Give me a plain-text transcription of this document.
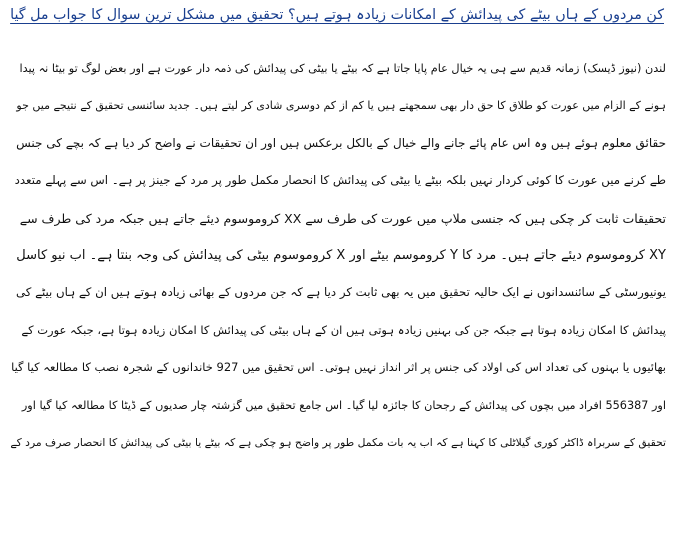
کن مردوں کے ہاں بیٹے کی پیدائش کے امکانات زیادہ ہوتے ہیں؟ تحقیق میں مشکل ترین سوال کا جواب مل گیا
لندن (نیوز ڈیسک) زمانہ قدیم سے ہی یہ خیال عام پایا جاتا ہے کہ بیٹے یا بیٹی کی پیدائش کی ذمہ دار عورت ہے اور بعض لوگ تو بیٹا نہ پیدا
ہونے کے الزام میں عورت کو طلاق کا حق دار بھی سمجھتے ہیں یا کم از کم دوسری شادی کر لیتے ہیں۔ جدید سائنسی تحقیق کے نتیجے میں جو
حقائق معلوم ہوئے ہیں وہ اس عام پائے جانے والے خیال کے بالکل برعکس ہیں اور ان تحقیقات نے واضح کر دیا ہے کہ بچے کی جنس
طے کرنے میں عورت کا کوئی کردار نہیں بلکہ بیٹے یا بیٹی کی پیدائش کا انحصار مکمل طور پر مرد کے جینز پر ہے۔ اس سے پہلے متعدد
تحقیقات ثابت کر چکی ہیں کہ جنسی ملاپ میں عورت کی طرف سے XX کروموسوم دیئے جاتے ہیں جبکہ مرد کی طرف سے
XY کروموسوم دیئے جاتے ہیں۔ مرد کا Y کروموسم بیٹے اور X کروموسوم بیٹی کی پیدائش کی وجہ بنتا ہے۔ اب نیو کاسل
یونیورسٹی کے سائنسدانوں نے ایک حالیہ تحقیق میں یہ بھی ثابت کر دیا ہے کہ جن مردوں کے بھائی زیادہ ہوتے ہیں ان کے ہاں بیٹے کی
پیدائش کا امکان زیادہ ہوتا ہے جبکہ جن کی بہنیں زیادہ ہوتی ہیں ان کے ہاں بیٹی کی پیدائش کا امکان زیادہ ہوتا ہے، جبکہ عورت کے
بھائیوں یا بہنوں کی تعداد اس کی اولاد کی جنس پر اثر انداز نہیں ہوتی۔ اس تحقیق میں 927 خاندانوں کے شجرہ نصب کا مطالعہ کیا گیا
اور 556387 افراد میں بچوں کی پیدائش کے رجحان کا جائزہ لیا گیا۔ اس جامع تحقیق میں گزشتہ چار صدیوں کے ڈیٹا کا مطالعہ کیا گیا اور
تحقیق کے سربراہ ڈاکٹر کوری گیلاٹلی کا کہنا ہے کہ اب یہ بات مکمل طور پر واضح ہو چکی ہے کہ بیٹے یا بیٹی کی پیدائش کا انحصار صرف مرد کے
